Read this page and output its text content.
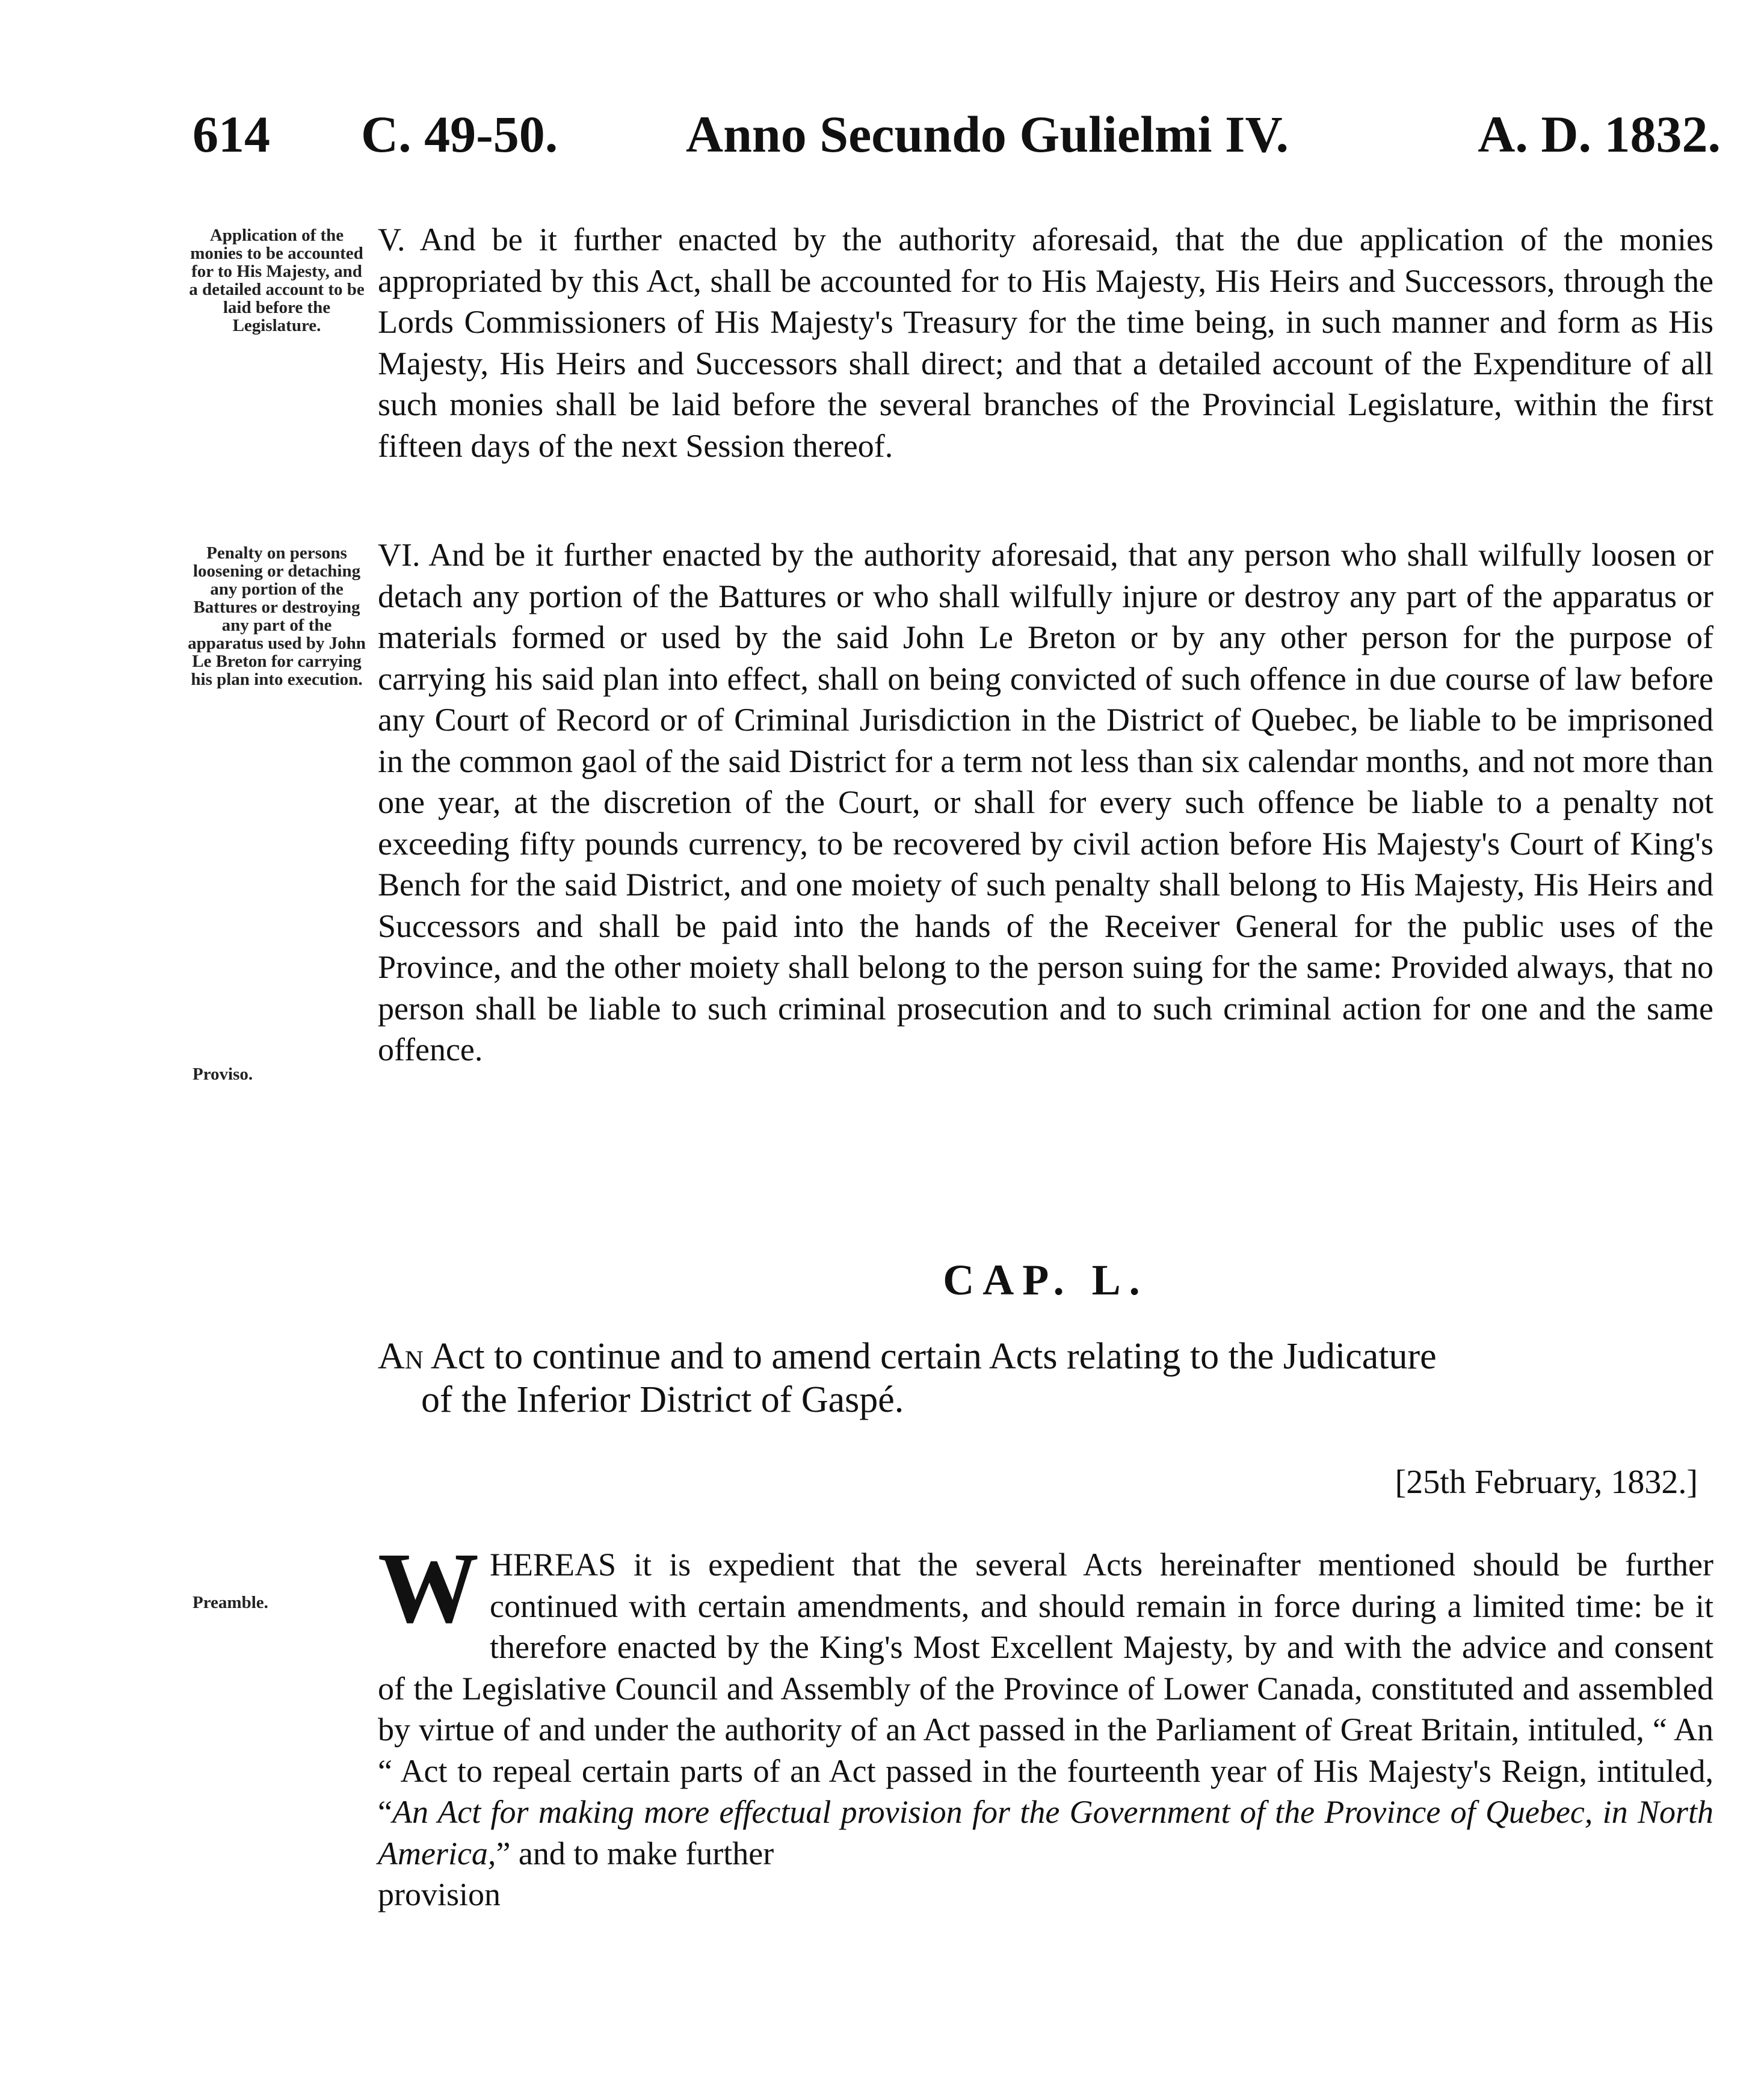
614 C. 49-50. Anno Secundo Gulielmi IV.	A. D. 1832.
Application of the monies to be accounted for to His Majesty, and a detailed account to be laid before the Legislature.

V. And be it further enacted by the authority aforesaid, that the due application of the monies appropriated by this Act, shall be accounted for to His Majesty, His Heirs and Successors, through the Lords Commissioners of His Majesty's Treasury for the time being, in such manner and form as His Majesty, His Heirs and Successors shall direct; and that a detailed account of the Expenditure of all such monies shall be laid before the several branches of the Provincial Legislature, within the first fifteen days of the next Session thereof.

Penalty on persons loosening or detaching any portion of the Battures or destroying any part of the apparatus used by John Le Breton for carrying his plan into execution.
Proviso.

VI. And be it further enacted by the authority aforesaid, that any person who shall wilfully loosen or detach any portion of the Battures or who shall wilfully injure or destroy any part of the apparatus or materials formed or used by the said John Le Breton or by any other person for the purpose of carrying his said plan into effect, shall on being convicted of such offence in due course of law before any Court of Record or of Criminal Jurisdiction in the District of Quebec, be liable to be imprisoned in the common gaol of the said District for a term not less than six calendar months, and not more than one year, at the discretion of the Court, or shall for every such offence be liable to a penalty not exceeding fifty pounds currency, to be recovered by civil action before His Majesty's Court of King's Bench for the said District, and one moiety of such penalty shall belong to His Majesty, His Heirs and Successors and shall be paid into the hands of the Receiver General for the public uses of the Province, and the other moiety shall belong to the person suing for the same: Provided always, that no person shall be liable to such criminal prosecution and to such criminal action for one and the same offence.

CAP. L.
An Act to continue and to amend certain Acts relating to the Judicature
of the Inferior District of Gaspé.
[25th February, 1832.]
Preamble.	WHEREAS it is expedient that the several Acts hereinafter mentioned should be further continued with certain amendments, and should remain in force during a limited time: be it therefore enacted by the King's Most Excellent Majesty, by and with the advice and consent of the Legislative Council and Assembly of the Province of Lower Canada, constituted and assembled by virtue of and under the authority of an Act passed in the Parliament of Great Britain, intituled, “ An “ Act to repeal certain parts of an Act passed in the fourteenth year of His Majesty's Reign, intituled, “An Act for making more effectual provision for the Government of the Province of Quebec, in North America,” and to make further
provision
